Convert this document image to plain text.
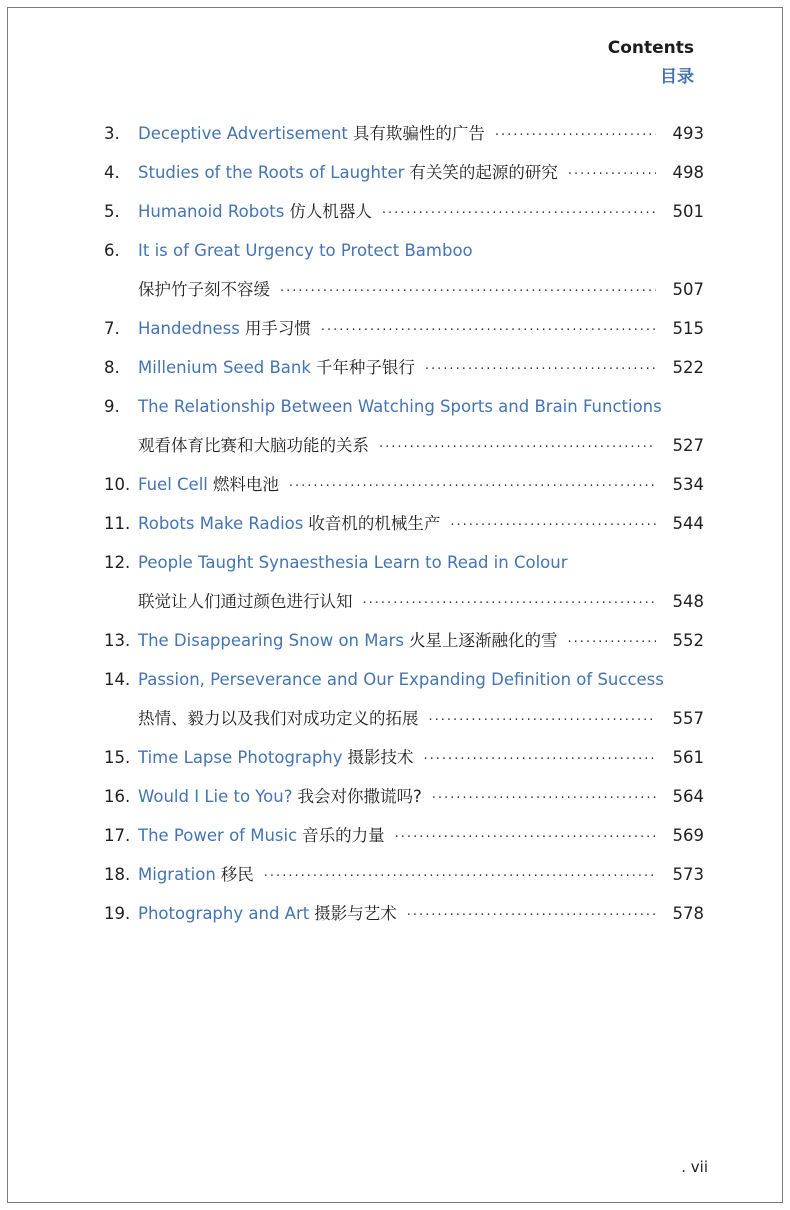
Contents
目录
3.	Deceptive Advertisement 具有欺骗性的广告 ·····	493
4.	Studies of the Roots of Laughter 有关笑的起源的研究 ·····	498
5.	Humanoid Robots 仿人机器人 ·····	501
6.	It is of Great Urgency to Protect Bamboo
保护竹子刻不容缓 ·····	507
7.	Handedness 用手习惯 ·····	515
8.	Millenium Seed Bank 千年种子银行 ·····	522
9.	The Relationship Between Watching Sports and Brain Functions
观看体育比赛和大脑功能的关系 ·····	527
10. Fuel Cell 燃料电池 ·····	534
11. Robots Make Radios 收音机的机械生产 ·····	544
12. People Taught Synaesthesia Learn to Read in Colour
联觉让人们通过颜色进行认知 ·····	548
13. The Disappearing Snow on Mars 火星上逐渐融化的雪 ·····	552
14. Passion, Perseverance and Our Expanding Definition of Success
热情、毅力以及我们对成功定义的拓展 ·····	557
15. Time Lapse Photography 摄影技术 ·····	561
16. Would I Lie to You? 我会对你撒谎吗? ·····	564
17. The Power of Music 音乐的力量 ·····	569
18. Migration 移民 ·····	573
19. Photography and Art 摄影与艺术 ·····	578
. vii
